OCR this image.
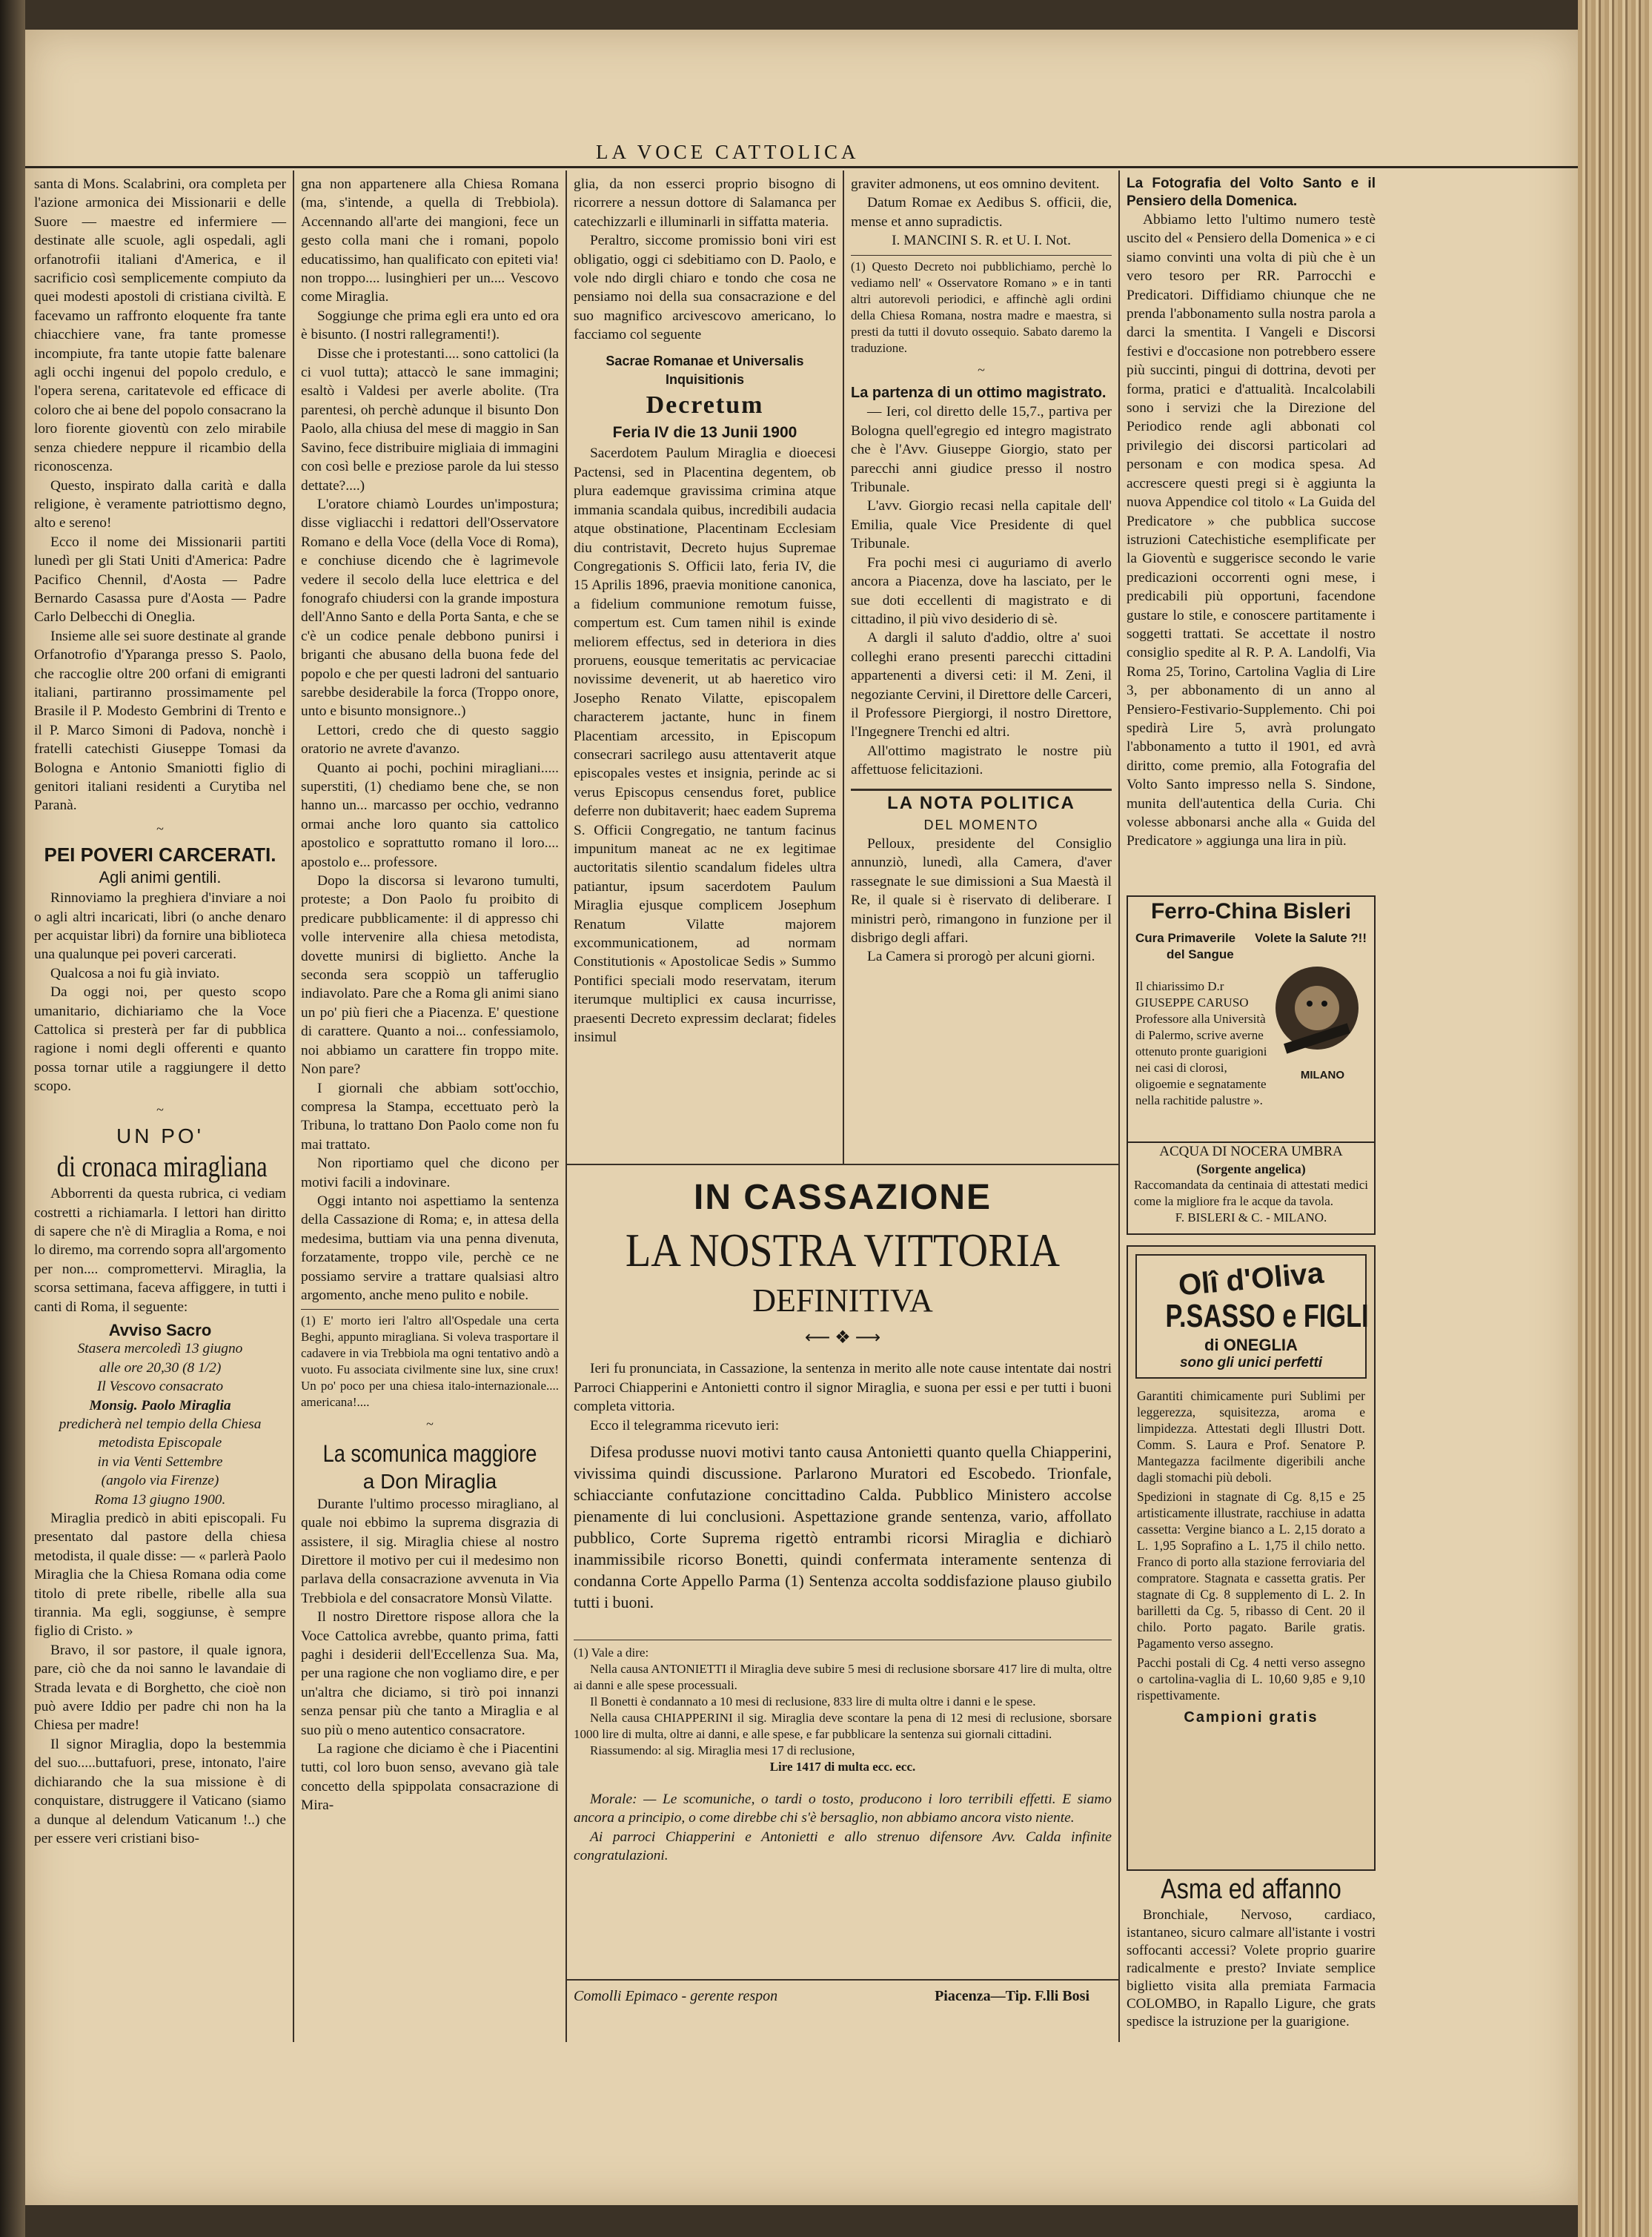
LA VOCE CATTOLICA

santa di Mons. Scalabrini, ora completa per l'azione armonica dei Missionarii e delle Suore — maestre ed infermiere — destinate alle scuole, agli ospedali, agli orfanotrofii italiani d'America, e il sacrificio così semplicemente compiuto da quei modesti apostoli di cristiana civiltà. E facevamo un raffronto eloquente fra tante chiacchiere vane, fra tante promesse incompiute, fra tante utopie fatte balenare agli occhi ingenui del popolo credulo, e l'opera serena, caritatevole ed efficace di coloro che ai bene del popolo consacrano la loro fiorente gioventù con zelo mirabile senza chiedere neppure il ricambio della riconoscenza.

Questo, inspirato dalla carità e dalla religione, è veramente patriottismo degno, alto e sereno!

Ecco il nome dei Missionarii partiti lunedì per gli Stati Uniti d'America: Padre Pacifico Chennil, d'Aosta — Padre Bernardo Casassa pure d'Aosta — Padre Carlo Delbecchi di Oneglia.

Insieme alle sei suore destinate al grande Orfanotrofio d'Yparanga presso S. Paolo, che raccoglie oltre 200 orfani di emigranti italiani, partiranno prossimamente pel Brasile il P. Modesto Gembrini di Trento e il P. Marco Simoni di Padova, nonchè i fratelli catechisti Giuseppe Tomasi da Bologna e Antonio Smaniotti figlio di genitori italiani residenti a Curytiba nel Paranà.

~
PEI POVERI CARCERATI.
Agli animi gentili.

Rinnoviamo la preghiera d'inviare a noi o agli altri incaricati, libri (o anche denaro per acquistar libri) da fornire una biblioteca una qualunque pei poveri carcerati.

Qualcosa a noi fu già inviato.

Da oggi noi, per questo scopo umanitario, dichiariamo che la Voce Cattolica si presterà per far di pubblica ragione i nomi degli offerenti e quanto possa tornar utile a raggiungere il detto scopo.

~
UN PO'
di cronaca miragliana

Abborrenti da questa rubrica, ci vediam costretti a richiamarla. I lettori han diritto di sapere che n'è di Miraglia a Roma, e noi lo diremo, ma correndo sopra all'argomento per non.... compromettervi. Miraglia, la scorsa settimana, faceva affiggere, in tutti i canti di Roma, il seguente:

Avviso Sacro
Stasera mercoledì 13 giugno
alle ore 20,30 (8 1/2)
Il Vescovo consacrato
Monsig. Paolo Miraglia
predicherà nel tempio della Chiesa
metodista Episcopale
in via Venti Settembre
(angolo via Firenze)
Roma 13 giugno 1900.

Miraglia predicò in abiti episcopali. Fu presentato dal pastore della chiesa metodista, il quale disse: — « parlerà Paolo Miraglia che la Chiesa Romana odia come titolo di prete ribelle, ribelle alla sua tirannia. Ma egli, soggiunse, è sempre figlio di Cristo. »

Bravo, il sor pastore, il quale ignora, pare, ciò che da noi sanno le lavandaie di Strada levata e di Borghetto, che cioè non può avere Iddio per padre chi non ha la Chiesa per madre!

Il signor Miraglia, dopo la bestemmia del suo.....buttafuori, prese, intonato, l'aire dichiarando che la sua missione è di conquistare, distruggere il Vaticano (siamo a dunque al delendum Vaticanum !..) che per essere veri cristiani biso-

gna non appartenere alla Chiesa Romana (ma, s'intende, a quella di Trebbiola). Accennando all'arte dei mangioni, fece un gesto colla mani che i romani, popolo educatissimo, han qualificato con epiteti via! non troppo.... lusinghieri per un.... Vescovo come Miraglia.

Soggiunge che prima egli era unto ed ora è bisunto. (I nostri rallegramenti!).

Disse che i protestanti.... sono cattolici (la ci vuol tutta); attaccò le sane immagini; esaltò i Valdesi per averle abolite. (Tra parentesi, oh perchè adunque il bisunto Don Paolo, alla chiusa del mese di maggio in San Savino, fece distribuire migliaia di immagini con così belle e preziose parole da lui stesso dettate?....)

L'oratore chiamò Lourdes un'impostura; disse vigliacchi i redattori dell'Osservatore Romano e della Voce (della Voce di Roma), e conchiuse dicendo che è lagrimevole vedere il secolo della luce elettrica e del fonografo chiudersi con la grande impostura dell'Anno Santo e della Porta Santa, e che se c'è un codice penale debbono punirsi i briganti che abusano della buona fede del popolo e che per questi ladroni del santuario sarebbe desiderabile la forca (Troppo onore, unto e bisunto monsignore..)

Lettori, credo che di questo saggio oratorio ne avrete d'avanzo.

Quanto ai pochi, pochini miragliani..... superstiti, (1) chediamo bene che, se non hanno un... marcasso per occhio, vedranno ormai anche loro quanto sia cattolico apostolico e soprattutto romano il loro.... apostolo e... professore.

Dopo la discorsa si levarono tumulti, proteste; a Don Paolo fu proibito di predicare pubblicamente: il di appresso chi volle intervenire alla chiesa metodista, dovette munirsi di biglietto. Anche la seconda sera scoppiò un tafferuglio indiavolato. Pare che a Roma gli animi siano un po' più fieri che a Piacenza. E' questione di carattere. Quanto a noi... confessiamolo, noi abbiamo un carattere fin troppo mite. Non pare?

I giornali che abbiam sott'occhio, compresa la Stampa, eccettuato però la Tribuna, lo trattano Don Paolo come non fu mai trattato.

Non riportiamo quel che dicono per motivi facili a indovinare.

Oggi intanto noi aspettiamo la sentenza della Cassazione di Roma; e, in attesa della medesima, buttiam via una penna divenuta, forzatamente, troppo vile, perchè ce ne possiamo servire a trattare qualsiasi altro argomento, anche meno pulito e nobile.

(1) E' morto ieri l'altro all'Ospedale una certa Beghi, appunto miragliana. Si voleva trasportare il cadavere in via Trebbiola ma ogni tentativo andò a vuoto. Fu associata civilmente sine lux, sine crux! Un po' poco per una chiesa italo-internazionale.... americana!....
~
La scomunica maggiore
a Don Miraglia

Durante l'ultimo processo miragliano, al quale noi ebbimo la suprema disgrazia di assistere, il sig. Miraglia chiese al nostro Direttore il motivo per cui il medesimo non parlava della consacrazione avvenuta in Via Trebbiola e del consacratore Monsù Vilatte.

Il nostro Direttore rispose allora che la Voce Cattolica avrebbe, quanto prima, fatti paghi i desiderii dell'Eccellenza Sua. Ma, per una ragione che non vogliamo dire, e per un'altra che diciamo, si tirò poi innanzi senza pensar più che tanto a Miraglia e al suo più o meno autentico consacratore.

La ragione che diciamo è che i Piacentini tutti, col loro buon senso, avevano già tale concetto della spippolata consacrazione di Mira-

glia, da non esserci proprio bisogno di ricorrere a nessun dottore di Salamanca per catechizzarli e illuminarli in siffatta materia.

Peraltro, siccome promissio boni viri est obligatio, oggi ci sdebitiamo con D. Paolo, e vole ndo dirgli chiaro e tondo che cosa ne pensiamo noi della sua consacrazione e del suo magnifico arcivescovo americano, lo facciamo col seguente

Sacrae Romanae et Universalis Inquisitionis
Decretum
Feria IV die 13 Junii 1900

Sacerdotem Paulum Miraglia e dioecesi Pactensi, sed in Placentina degentem, ob plura eademque gravissima crimina atque immania scandala quibus, incredibili audacia atque obstinatione, Placentinam Ecclesiam diu contristavit, Decreto hujus Supremae Congregationis S. Officii lato, feria IV, die 15 Aprilis 1896, praevia monitione canonica, a fidelium communione remotum fuisse, compertum est. Cum tamen nihil is exinde meliorem effectus, sed in deteriora in dies proruens, eousque temeritatis ac pervicaciae novissime devenerit, ut ab haeretico viro Josepho Renato Vilatte, episcopalem characterem jactante, hunc in finem Placentiam arcessito, in Episcopum consecrari sacrilego ausu attentaverit atque episcopales vestes et insignia, perinde ac si verus Episcopus censendus foret, publice deferre non dubitaverit; haec eadem Suprema S. Officii Congregatio, ne tantum facinus impunitum maneat ac ne ex legitimae auctoritatis silentio scandalum fideles ultra patiantur, ipsum sacerdotem Paulum Miraglia ejusque complicem Josephum Renatum Vilatte majorem excommunicationem, ad normam Constitutionis « Apostolicae Sedis » Summo Pontifici speciali modo reservatam, iterum iterumque multiplici ex causa incurrisse, praesenti Decreto expressim declarat; fideles insimul

graviter admonens, ut eos omnino devitent.

Datum Romae ex Aedibus S. officii, die, mense et anno supradictis.

I. MANCINI S. R. et U. I. Not.
(1) Questo Decreto noi pubblichiamo, perchè lo vediamo nell' « Osservatore Romano » e in tanti altri autorevoli periodici, e affinchè agli ordini della Chiesa Romana, nostra madre e maestra, si presti da tutti il dovuto ossequio. Sabato daremo la traduzione.
~
La partenza di un ottimo magistrato.

— Ieri, col diretto delle 15,7., partiva per Bologna quell'egregio ed integro magistrato che è l'Avv. Giuseppe Giorgio, stato per parecchi anni giudice presso il nostro Tribunale.

L'avv. Giorgio recasi nella capitale dell' Emilia, quale Vice Presidente di quel Tribunale.

Fra pochi mesi ci auguriamo di averlo ancora a Piacenza, dove ha lasciato, per le sue doti eccellenti di magistrato e di cittadino, il più vivo desiderio di sè.

A dargli il saluto d'addio, oltre a' suoi colleghi erano presenti parecchi cittadini appartenenti a diversi ceti: il M. Zeni, il negoziante Cervini, il Direttore delle Carceri, il Professore Piergiorgi, il nostro Direttore, l'Ingegnere Trenchi ed altri.

All'ottimo magistrato le nostre più affettuose felicitazioni.

LA NOTA POLITICA
DEL MOMENTO

Pelloux, presidente del Consiglio annunziò, lunedì, alla Camera, d'aver rassegnate le sue dimissioni a Sua Maestà il Re, il quale si è riservato di deliberare. I ministri però, rimangono in funzione per il disbrigo degli affari.

La Camera si prorogò per alcuni giorni.

IN CASSAZIONE
LA NOSTRA VITTORIA
DEFINITIVA
⟵ ❖ ⟶

Ieri fu pronunciata, in Cassazione, la sentenza in merito alle note cause intentate dai nostri Parroci Chiapperini e Antonietti contro il signor Miraglia, e suona per essi e per tutti i buoni completa vittoria.

Ecco il telegramma ricevuto ieri:

Difesa produsse nuovi motivi tanto causa Antonietti quanto quella Chiapperini, vivissima quindi discussione. Parlarono Muratori ed Escobedo. Trionfale, schiacciante confutazione concittadino Calda. Pubblico Ministero accolse pienamente di lui conclusioni. Aspettazione grande sentenza, vario, affollato pubblico, Corte Suprema rigettò entrambi ricorsi Miraglia e dichiarò inammissibile ricorso Bonetti, quindi confermata interamente sentenza di condanna Corte Appello Parma (1) Sentenza accolta soddisfazione plauso giubilo tutti i buoni.

(1) Vale a dire:
Nella causa ANTONIETTI il Miraglia deve subire 5 mesi di reclusione sborsare 417 lire di multa, oltre ai danni e alle spese processuali.
Il Bonetti è condannato a 10 mesi di reclusione, 833 lire di multa oltre i danni e le spese.
Nella causa CHIAPPERINI il sig. Miraglia deve scontare la pena di 12 mesi di reclusione, sborsare 1000 lire di multa, oltre ai danni, e alle spese, e far pubblicare la sentenza sui giornali cittadini.
Riassumendo: al sig. Miraglia mesi 17 di reclusione,
Lire 1417 di multa ecc. ecc.

Morale: — Le scomuniche, o tardi o tosto, producono i loro terribili effetti. E siamo ancora a principio, o come direbbe chi s'è bersaglio, non abbiamo ancora visto niente.

Ai parroci Chiapperini e Antonietti e allo strenuo difensore Avv. Calda infinite congratulazioni.

Comolli Epimaco - gerente respon	Piacenza—Tip. F.lli Bosi
La Fotografia del Volto Santo e il Pensiero della Domenica.

Abbiamo letto l'ultimo numero testè uscito del « Pensiero della Domenica » e ci siamo convinti una volta di più che è un vero tesoro per RR. Parrocchi e Predicatori. Diffidiamo chiunque che ne prenda l'abbonamento sulla nostra parola a darci la smentita. I Vangeli e Discorsi festivi e d'occasione non potrebbero essere più succinti, pingui di dottrina, devoti per forma, pratici e d'attualità. Incalcolabili sono i servizi che la Direzione del Periodico rende agli abbonati col privilegio dei discorsi particolari ad personam e con modica spesa. Ad accrescere questi pregi si è aggiunta la nuova Appendice col titolo « La Guida del Predicatore » che pubblica succose istruzioni Catechistiche esemplificate per la Gioventù e suggerisce secondo le varie predicazioni occorrenti ogni mese, i predicabili più opportuni, facendone gustare lo stile, e conoscere partitamente i soggetti trattati. Se accettate il nostro consiglio spedite al R. P. A. Landolfi, Via Roma 25, Torino, Cartolina Vaglia di Lire 3, per abbonamento di un anno al Pensiero-Festivario-Supplemento. Chi poi spedirà Lire 5, avrà prolungato l'abbonamento a tutto il 1901, ed avrà diritto, come premio, alla Fotografia del Volto Santo impresso nella S. Sindone, munita dell'autentica della Curia. Chi volesse abbonarsi anche alla « Guida del Predicatore » aggiunga una lira in più.

Ferro-China Bisleri
Cura Primaverile Volete la Salute ?!!
del Sangue
MILANO
Il chiarissimo D.r GIUSEPPE CARUSO Professore alla Università di Palermo, scrive averne ottenuto pronte guarigioni nei casi di clorosi, oligoemie e segnatamente nella rachitide palustre ».
ACQUA DI NOCERA UMBRA
(Sorgente angelica)
Raccomandata da centinaia di attestati medici come la migliore fra le acque da tavola.
F. BISLERI & C. - MILANO.
Olî d'Oliva
P.SASSO e FIGLI
di ONEGLIA
sono gli unici perfetti
Garantiti chimicamente puri Sublimi per leggerezza, squisitezza, aroma e limpidezza. Attestati degli Illustri Dott. Comm. S. Laura e Prof. Senatore P. Mantegazza facilmente digeribili anche dagli stomachi più deboli.
Spedizioni in stagnate di Cg. 8,15 e 25 artisticamente illustrate, racchiuse in adatta cassetta: Vergine bianco a L. 2,15 dorato a L. 1,95 Soprafino a L. 1,75 il chilo netto. Franco di porto alla stazione ferroviaria del compratore. Stagnata e cassetta gratis. Per stagnate di Cg. 8 supplemento di L. 2. In barilletti da Cg. 5, ribasso di Cent. 20 il chilo. Porto pagato. Barile gratis. Pagamento verso assegno.
Pacchi postali di Cg. 4 netti verso assegno o cartolina-vaglia di L. 10,60 9,85 e 9,10 rispettivamente.
Campioni gratis
Asma ed affanno
Bronchiale, Nervoso, cardiaco, istantaneo, sicuro calmare all'istante i vostri soffocanti accessi? Volete proprio guarire radicalmente e presto? Inviate semplice biglietto visita alla premiata Farmacia COLOMBO, in Rapallo Ligure, che grats spedisce la istruzione per la guarigione.
